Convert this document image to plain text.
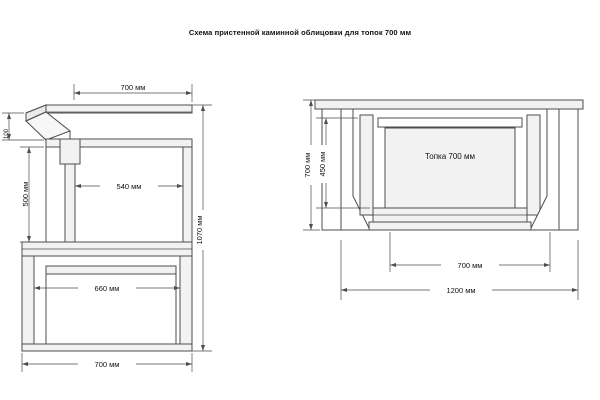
Схема пристенной каминной облицовки для топок 700 мм
700 мм
100
500 мм	540 мм
1070 мм
660 мм
700 мм
Топка 700 мм
450 мм
700 мм
700 мм
1200 мм
